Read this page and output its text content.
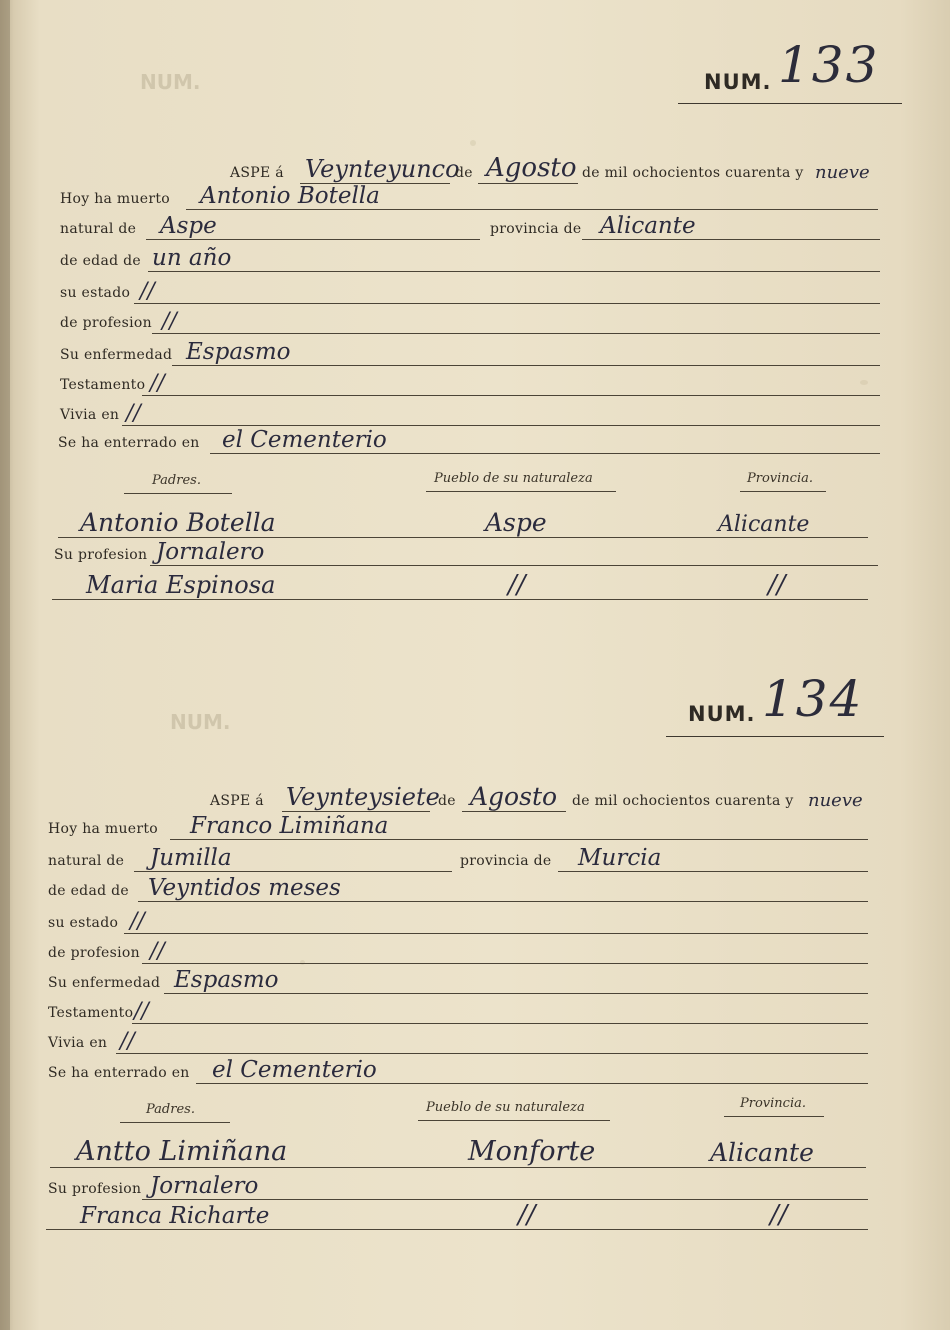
NUM.
NUM.
NUM. 133
ASPE á Veynteyunco
de Agosto de mil ochocientos cuarenta y nueve
Hoy ha muerto Antonio Botella
natural de Aspe	provincia de Alicante
de edad de un año
su estado //
de profesion //
Su enfermedad Espasmo
Testamento //
Vivia en //
Se ha enterrado en el Cementerio
Padres.	Pueblo de su naturaleza	Provincia.
Antonio Botella	Aspe	Alicante
Su profesion Jornalero
Maria Espinosa	//	//
NUM. 134
ASPE á Veynteysiete
de Agosto de mil ochocientos cuarenta y nueve
Hoy ha muerto Franco Limiñana
natural de Jumilla	provincia de Murcia
de edad de Veyntidos meses
su estado //
de profesion //
Su enfermedad Espasmo
Testamento //
Vivia en //
Se ha enterrado en el Cementerio
Padres.	Pueblo de su naturaleza	Provincia.
Antto Limiñana	Monforte	Alicante
Su profesion Jornalero
Franca Richarte	//	//
